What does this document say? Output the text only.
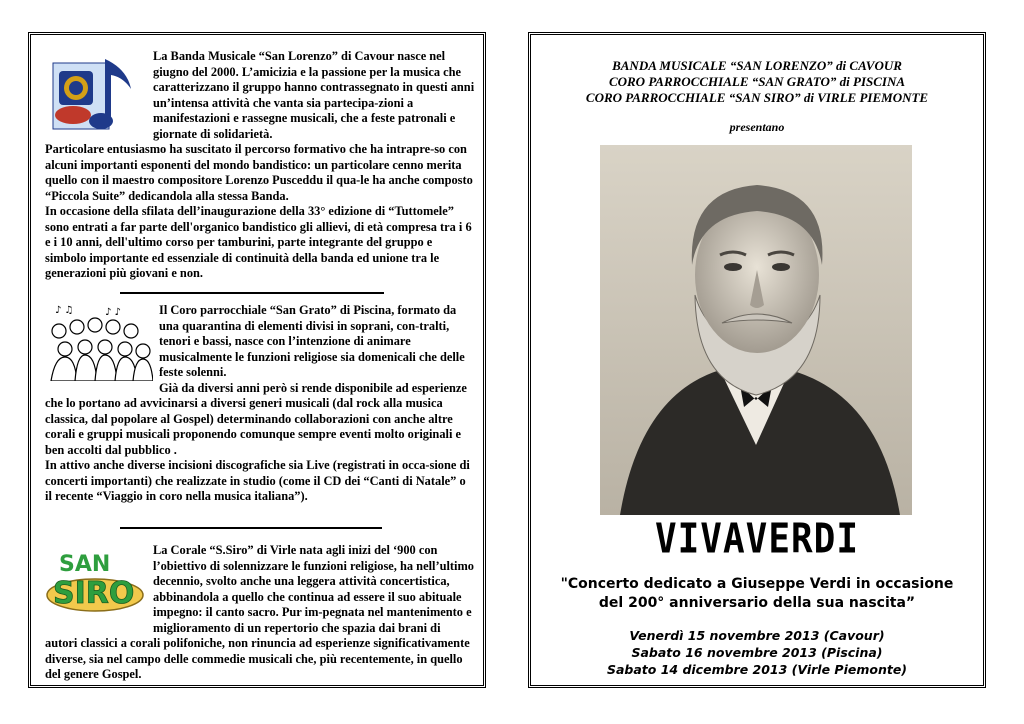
La Banda Musicale “San Lorenzo” di Cavour nasce nel giugno del 2000. L’amicizia e la passione per la musica che caratterizzano il gruppo hanno contrassegnato in questi anni un’intensa attività che vanta sia partecipa-zioni a manifestazioni e rassegne musicali, che a feste patronali e giornate di solidarietà.

Particolare entusiasmo ha suscitato il percorso formativo che ha intrapre-so con alcuni importanti esponenti del mondo bandistico: un particolare cenno merita quello con il maestro compositore Lorenzo Pusceddu il qua-le ha anche composto “Piccola Suite” dedicandola alla stessa Banda.

In occasione della sfilata dell’inaugurazione della 33° edizione di “Tuttomele” sono entrati a far parte dell'organico bandistico gli allievi, di età compresa tra i 6 e i 10 anni, dell'ultimo corso per tamburini, parte integrante del gruppo e simbolo importante ed essenziale di continuità della banda ed unione tra le generazioni più giovani e non.

♪ ♫	♪ ♪	Il Coro parrocchiale “San Grato” di Piscina, formato da una quarantina di elementi divisi in soprani, con-tralti, tenori e bassi, nasce con l’intenzione di animare musicalmente le funzioni religiose sia domenicali che delle feste solenni.

Già da diversi anni però si rende disponibile ad esperienze che lo portano ad avvicinarsi a diversi generi musicali (dal rock alla musica classica, dal popolare al Gospel) determinando collaborazioni con anche altre corali e gruppi musicali proponendo comunque sempre eventi molto originali e ben accolti dal pubblico .

In attivo anche diverse incisioni discografiche sia Live (registrati in occa-sione di concerti importanti) che realizzate in studio (come il CD dei “Canti di Natale” o il recente “Viaggio in coro nella musica italiana”).

SAN
SIRO

La Corale “S.Siro” di Virle nata agli inizi del ‘900 con l’obiettivo di solennizzare le funzioni religiose, ha nell’ultimo decennio, svolto anche una leggera attività concertistica, abbinandola a quello che continua ad essere il suo abituale impegno: il canto sacro. Pur im-pegnata nel mantenimento e miglioramento di un repertorio che spazia dai brani di autori classici a corali polifoniche, non rinuncia ad esperienze significativamente diverse, sia nel campo delle commedie musicali che, più recentemente, in quello del genere Gospel.

BANDA MUSICALE “SAN LORENZO” di CAVOUR
CORO PARROCCHIALE “SAN GRATO” di PISCINA
CORO PARROCCHIALE “SAN SIRO” di VIRLE PIEMONTE
presentano
VIVAVERDI
"Concerto dedicato a Giuseppe Verdi in occasione
del 200° anniversario della sua nascita”
Venerdì 15 novembre 2013 (Cavour)
Sabato 16 novembre 2013 (Piscina)
Sabato 14 dicembre 2013 (Virle Piemonte)
